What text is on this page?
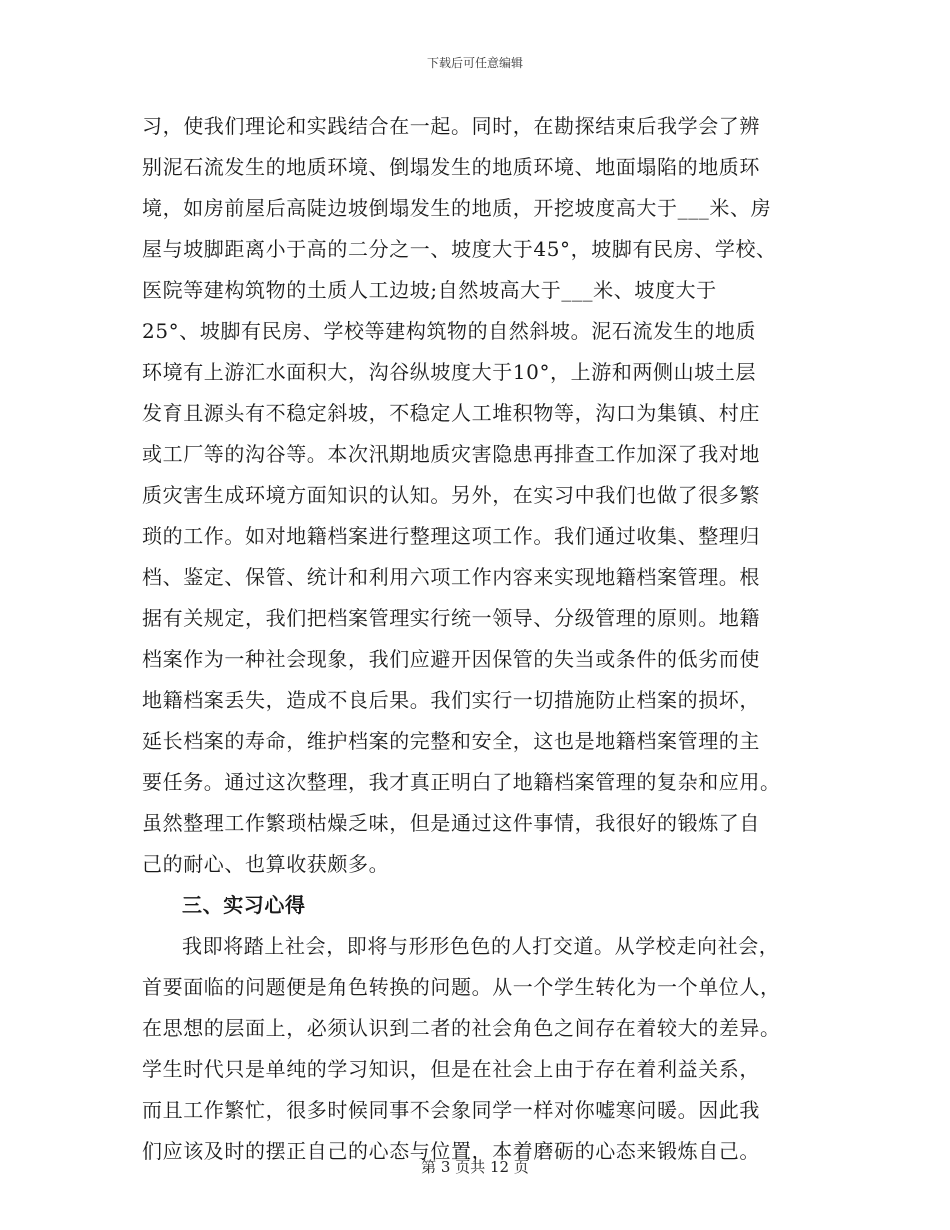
下载后可任意编辑
习，使我们理论和实践结合在一起。同时，在勘探结束后我学会了辨
别泥石流发生的地质环境、倒塌发生的地质环境、地面塌陷的地质环
境，如房前屋后高陡边坡倒塌发生的地质，开挖坡度高大于___米、房
屋与坡脚距离小于高的二分之一、坡度大于45°，坡脚有民房、学校、
医院等建构筑物的土质人工边坡;自然坡高大于___米、坡度大于
25°、坡脚有民房、学校等建构筑物的自然斜坡。泥石流发生的地质
环境有上游汇水面积大，沟谷纵坡度大于10°，上游和两侧山坡土层
发育且源头有不稳定斜坡，不稳定人工堆积物等，沟口为集镇、村庄
或工厂等的沟谷等。本次汛期地质灾害隐患再排查工作加深了我对地
质灾害生成环境方面知识的认知。另外，在实习中我们也做了很多繁
琐的工作。如对地籍档案进行整理这项工作。我们通过收集、整理归
档、鉴定、保管、统计和利用六项工作内容来实现地籍档案管理。根
据有关规定，我们把档案管理实行统一领导、分级管理的原则。地籍
档案作为一种社会现象，我们应避开因保管的失当或条件的低劣而使
地籍档案丢失，造成不良后果。我们实行一切措施防止档案的损坏，
延长档案的寿命，维护档案的完整和安全，这也是地籍档案管理的主
要任务。通过这次整理，我才真正明白了地籍档案管理的复杂和应用。
虽然整理工作繁琐枯燥乏味，但是通过这件事情，我很好的锻炼了自
己的耐心、也算收获颇多。
三、实习心得
我即将踏上社会，即将与形形色色的人打交道。从学校走向社会，
首要面临的问题便是角色转换的问题。从一个学生转化为一个单位人，
在思想的层面上，必须认识到二者的社会角色之间存在着较大的差异。
学生时代只是单纯的学习知识，但是在社会上由于存在着利益关系，
而且工作繁忙，很多时候同事不会象同学一样对你嘘寒问暖。因此我
们应该及时的摆正自己的心态与位置，本着磨砺的心态来锻炼自己。
第 3 页共 12 页
